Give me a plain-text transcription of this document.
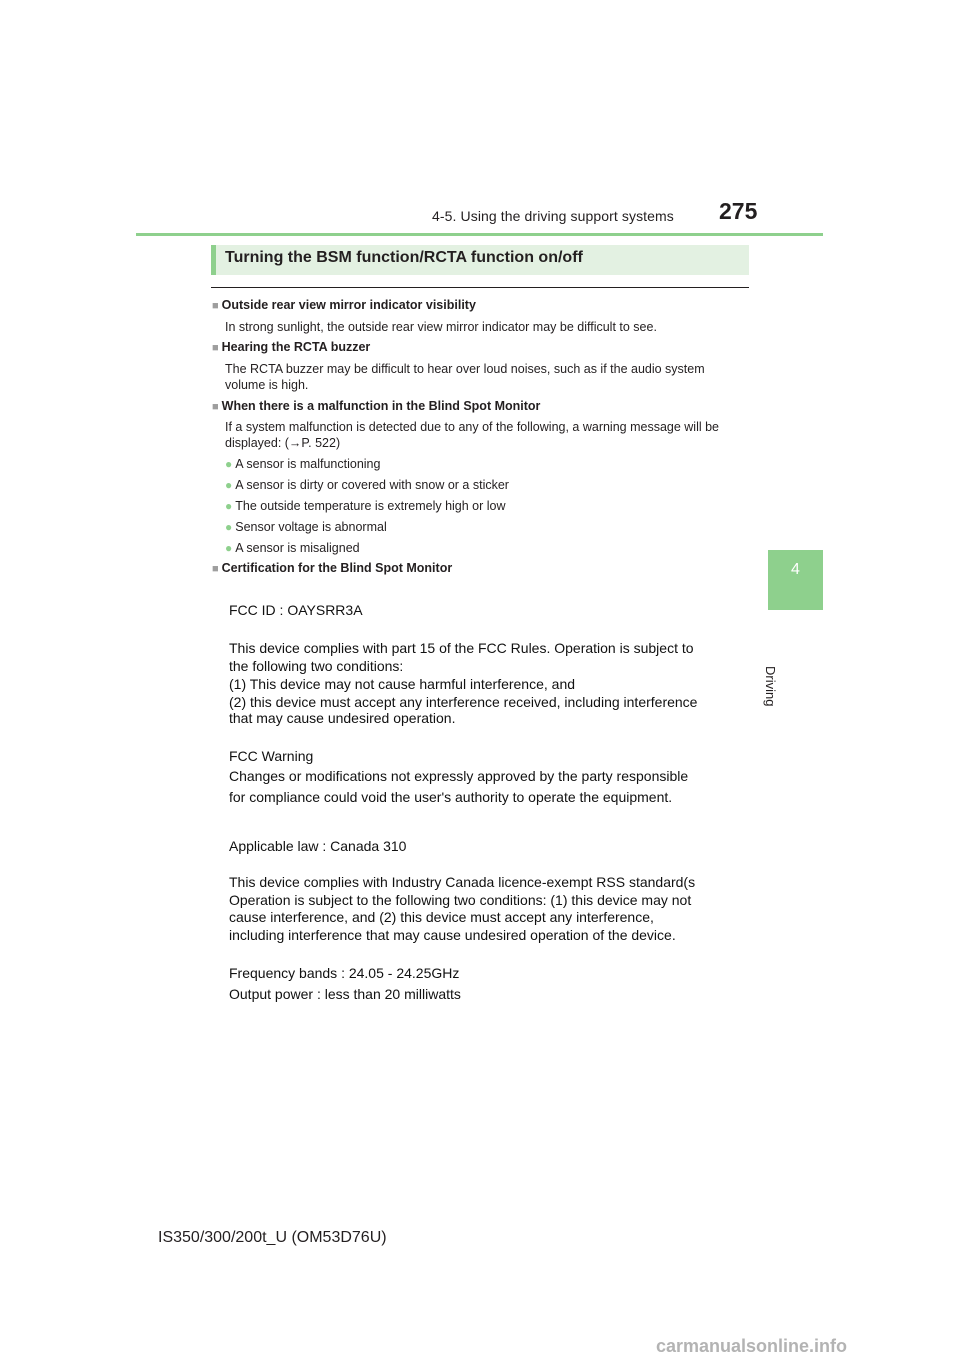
4-5. Using the driving support systems 275
4
Driving
Turning the BSM function/RCTA function on/off
■ Outside rear view mirror indicator visibility
In strong sunlight, the outside rear view mirror indicator may be difficult to see.
■ Hearing the RCTA buzzer
The RCTA buzzer may be difficult to hear over loud noises, such as if the audio system volume is high.
■ When there is a malfunction in the Blind Spot Monitor
If a system malfunction is detected due to any of the following, a warning message will be displayed: (→P. 522)
● A sensor is malfunctioning
● A sensor is dirty or covered with snow or a sticker
● The outside temperature is extremely high or low
● Sensor voltage is abnormal
● A sensor is misaligned
■ Certification for the Blind Spot Monitor
FCC ID : OAYSRR3A
This device complies with part 15 of the FCC Rules. Operation is subject to
the following two conditions:
(1) This device may not cause harmful interference, and
(2) this device must accept any interference received, including interference
that may cause undesired operation.
FCC Warning
Changes or modifications not expressly approved by the party responsible
for compliance could void the user's authority to operate the equipment.
Applicable law : Canada 310
This device complies with Industry Canada licence-exempt RSS standard(s
Operation is subject to the following two conditions: (1) this device may not
cause interference, and (2) this device must accept any interference,
including interference that may cause undesired operation of the device.
Frequency bands : 24.05 - 24.25GHz
Output power : less than 20 milliwatts
IS350/300/200t_U (OM53D76U)
carmanualsonline.info
